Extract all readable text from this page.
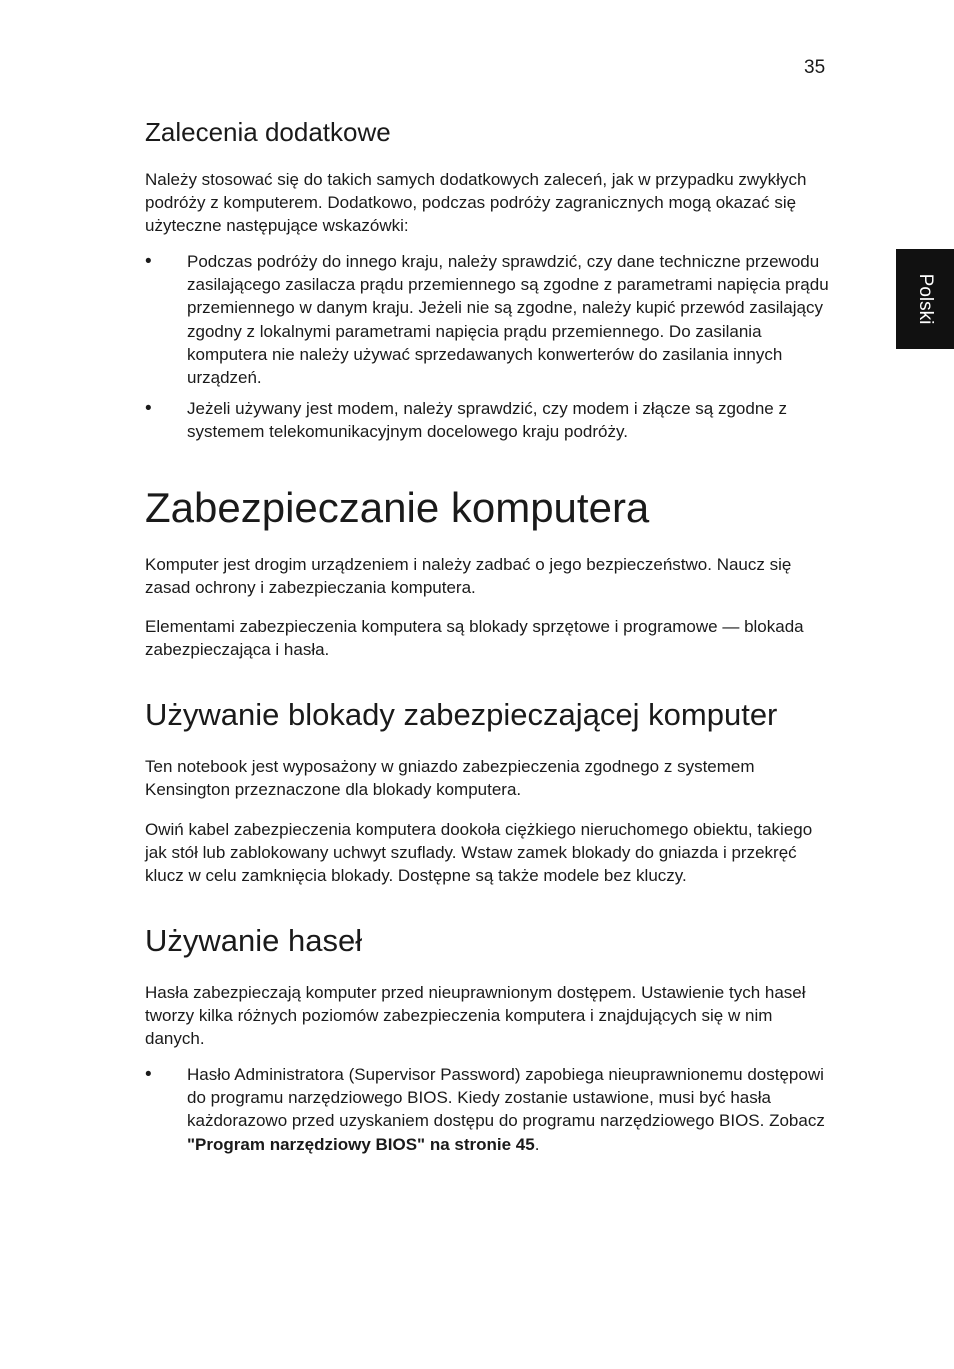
35
Polski
Zalecenia dodatkowe

Należy stosować się do takich samych dodatkowych zaleceń, jak w przypadku zwykłych podróży z komputerem. Dodatkowo, podczas podróży zagranicznych mogą okazać się użyteczne następujące wskazówki:

• Podczas podróży do innego kraju, należy sprawdzić, czy dane techniczne przewodu zasilającego zasilacza prądu przemiennego są zgodne z parametrami napięcia prądu przemiennego w danym kraju. Jeżeli nie są zgodne, należy kupić przewód zasilający zgodny z lokalnymi parametrami napięcia prądu przemiennego. Do zasilania komputera nie należy używać sprzedawanych konwerterów do zasilania innych urządzeń.
• Jeżeli używany jest modem, należy sprawdzić, czy modem i złącze są zgodne z systemem telekomunikacyjnym docelowego kraju podróży.
Zabezpieczanie komputera

Komputer jest drogim urządzeniem i należy zadbać o jego bezpieczeństwo. Naucz się zasad ochrony i zabezpieczania komputera.

Elementami zabezpieczenia komputera są blokady sprzętowe i programowe — blokada zabezpieczająca i hasła.

Używanie blokady zabezpieczającej komputer

Ten notebook jest wyposażony w gniazdo zabezpieczenia zgodnego z systemem Kensington przeznaczone dla blokady komputera.

Owiń kabel zabezpieczenia komputera dookoła ciężkiego nieruchomego obiektu, takiego jak stół lub zablokowany uchwyt szuflady. Wstaw zamek blokady do gniazda i przekręć klucz w celu zamknięcia blokady. Dostępne są także modele bez kluczy.

Używanie haseł

Hasła zabezpieczają komputer przed nieuprawnionym dostępem. Ustawienie tych haseł tworzy kilka różnych poziomów zabezpieczenia komputera i znajdujących się w nim danych.

• Hasło Administratora (Supervisor Password) zapobiega nieuprawnionemu dostępowi do programu narzędziowego BIOS. Kiedy zostanie ustawione, musi być hasła każdorazowo przed uzyskaniem dostępu do programu narzędziowego BIOS. Zobacz "Program narzędziowy BIOS" na stronie 45.
